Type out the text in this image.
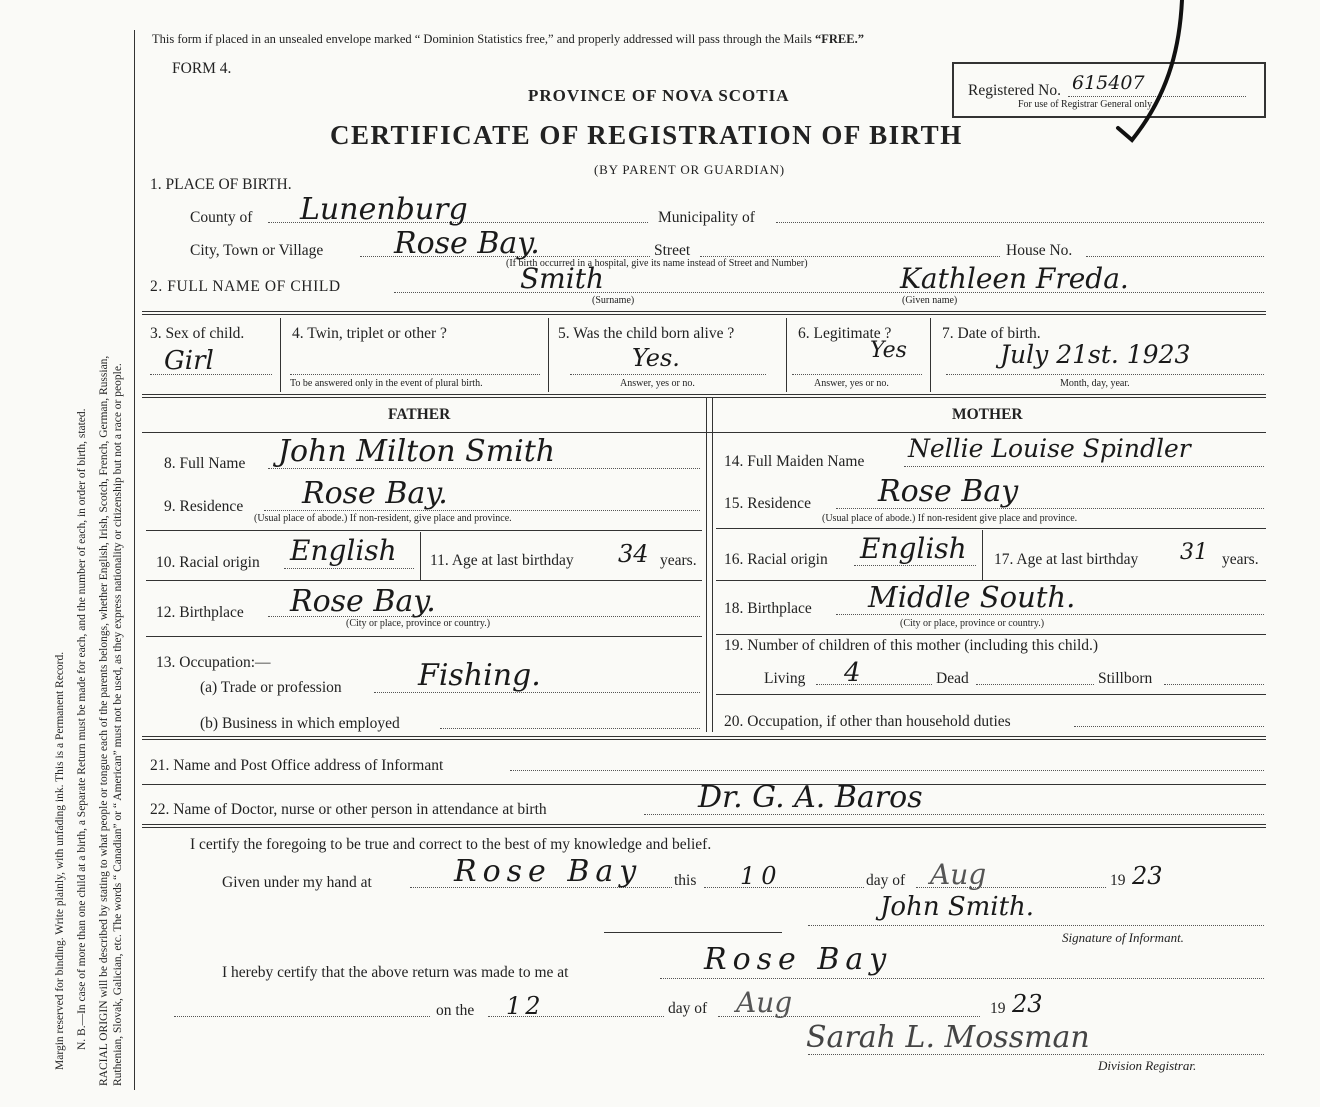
Margin reserved for binding. Write plainly, with unfading ink. This is a Permanent Record. N. B.—In case of more than one child at a birth, a Separate Return must be made for each, and the number of each, in order of birth, stated. RACIAL ORIGIN will be described by stating to what people or tongue each of the parents belongs, whether English, Irish, Scotch, French, German, Russian, Ruthenian, Slovak, Galician, etc. The words “ Canadian” or “ American” must not be used, as they express nationality or citizenship but not a race or people.
This form if placed in an unsealed envelope marked “ Dominion Statistics free,” and properly addressed will pass through the Mails “FREE.”
FORM 4.
PROVINCE OF NOVA SCOTIA
CERTIFICATE OF REGISTRATION OF BIRTH
(BY PARENT OR GUARDIAN)
Registered No. 615407
For use of Registrar General only.
1. PLACE OF BIRTH.
County of Lunenburg	Municipality of
City, Town or Village Rose Bay.	Street	House No.
(If birth occurred in a hospital, give its name instead of Street and Number)
2. FULL NAME OF CHILD	Smith
(Surname)
Kathleen Freda.
(Given name)
3. Sex of child.
Girl
4. Twin, triplet or other ?
To be answered only in the event of plural birth.
5. Was the child born alive ?
Yes.
Answer, yes or no.
6. Legitimate ?
Yes
Answer, yes or no.
7. Date of birth.
July 21st. 1923
Month, day, year.
FATHER	MOTHER
8. Full Name John Milton Smith
9. Residence Rose Bay.
(Usual place of abode.) If non-resident, give place and province.
10. Racial origin English 11. Age at last birthday 34 years.
12. Birthplace Rose Bay.
(City or place, province or country.)
13. Occupation:—
(a) Trade or profession	Fishing.
(b) Business in which employed
14. Full Maiden Name Nellie Louise Spindler
15. Residence Rose Bay
(Usual place of abode.) If non-resident give place and province.
16. Racial origin English 17. Age at last birthday 31 years.
18. Birthplace Middle South.
(City or place, province or country.)
19. Number of children of this mother (including this child.)
Living 4	Dead	Stillborn
20. Occupation, if other than household duties
21. Name and Post Office address of Informant
22. Name of Doctor, nurse or other person in attendance at birth	Dr. G. A. Baros
I certify the foregoing to be true and correct to the best of my knowledge and belief.
Given under my hand at	Rose Bay this 10	day of Aug	19 23
John Smith.
Signature of Informant.
I hereby certify that the above return was made to me at	Rose Bay
on the 12	day of Aug	19 23
Sarah L. Mossman
Division Registrar.
